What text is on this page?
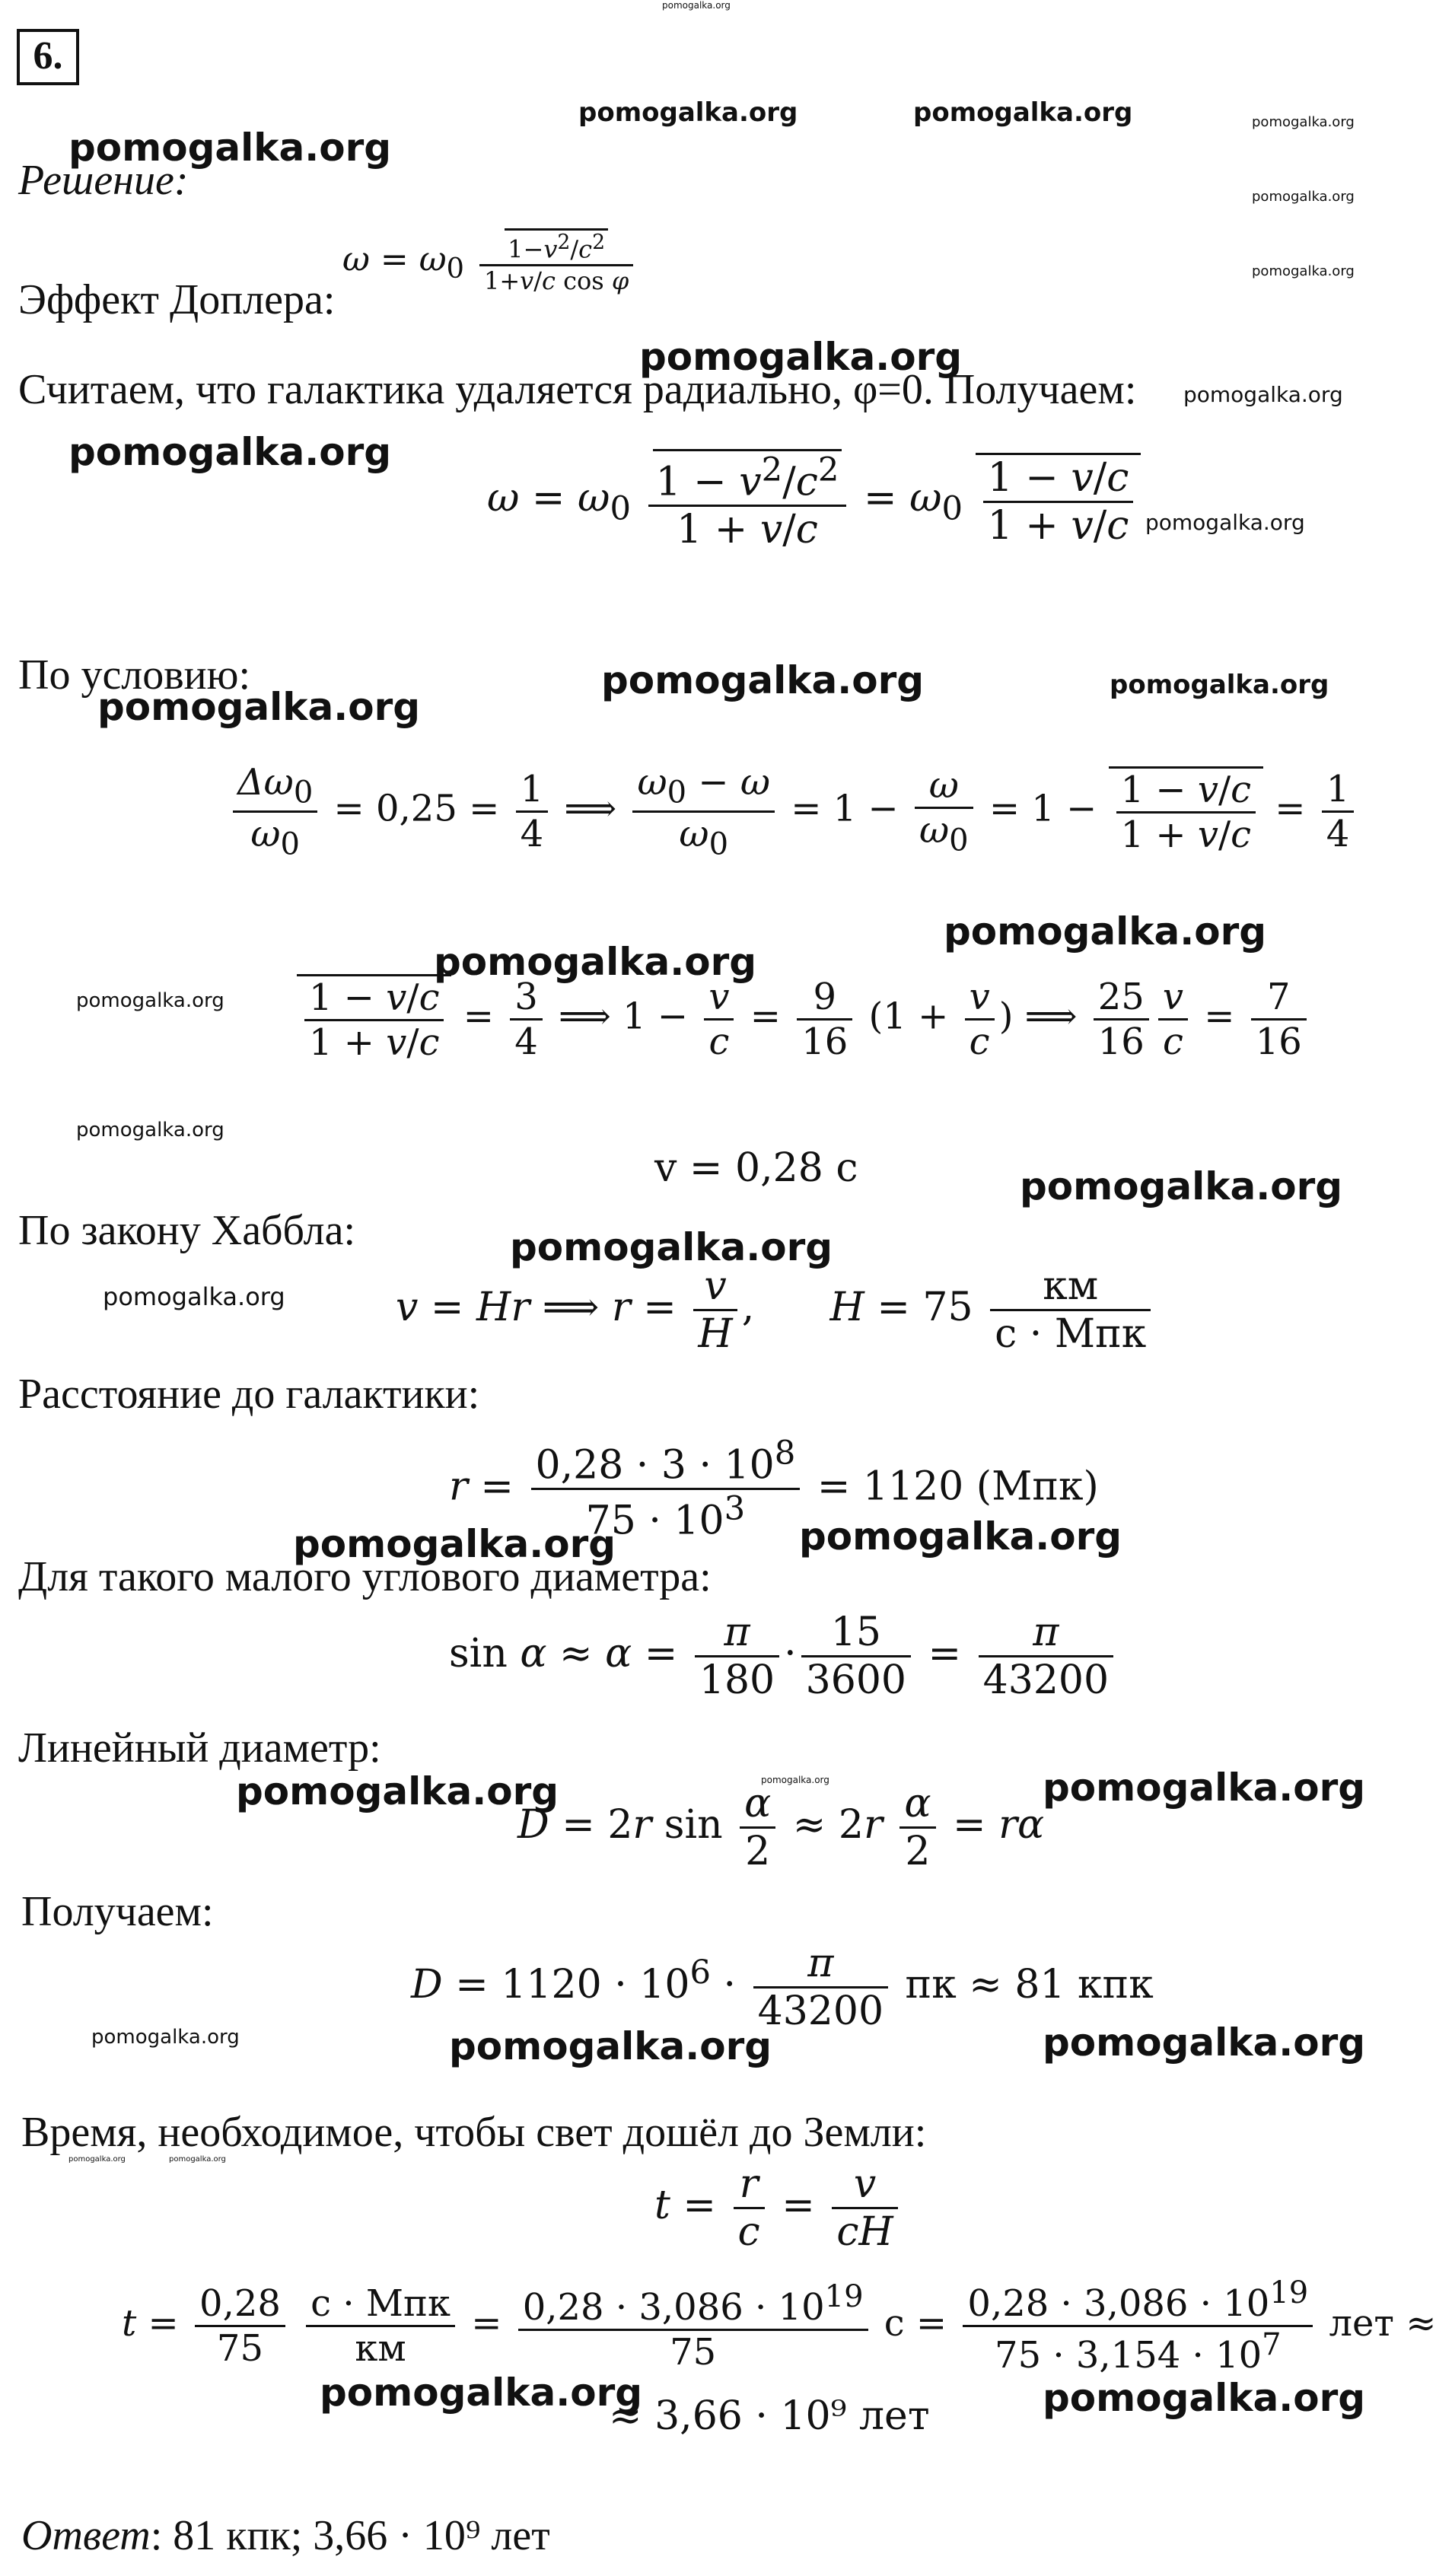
6.
pomogalka.org
pomogalka.org	pomogalka.org	pomogalka.org
pomogalka.org
pomogalka.org
pomogalka.org
pomogalka.org
pomogalka.org
pomogalka.org
pomogalka.org
pomogalka.org	pomogalka.org
pomogalka.org
pomogalka.org
pomogalka.org
pomogalka.org
pomogalka.org
pomogalka.org
pomogalka.org
pomogalka.org
pomogalka.org	pomogalka.org
pomogalka.org	pomogalka.org	pomogalka.org
pomogalka.org	pomogalka.org	pomogalka.org
pomogalka.org	pomogalka.org
pomogalka.org	pomogalka.org
Решение:
Эффект Доплера:
$\omega = \omega_0 \frac{1-v^2/c^2}{\text{1+v/c cos φ}}$
Считаем, что галактика удаляется радиально, φ=0. Получаем:
$\omega = \omega_0 \frac{1 - v^2/c^2}{1 + v/c} = \omega_0 \frac{1 - v/c}{1 + v/c}$
По условию:
$\frac{\Delta\omega_0}{\omega_0} = 0,25 = \frac{1}{4}$ ⟹ $\frac{\omega_0 - \omega}{\omega_0} = 1 - \frac{\omega}{\omega_0} = 1 - \frac{1 - v/c}{1 + v/c} = \frac{1}{4}$
$\frac{1 - v/c}{1 + v/c} = \frac{3}{4}$ ⟹ $1 - \frac{v}{c} = \frac{9}{16} (1 + \frac{v}{c}$ ) ⟹ $\frac{25}{16} \frac{v}{c} = \frac{7}{16}$
v = 0,28 c
По закону Хаббла:
v = Hr ⟹ $r = \frac{v}{H}$ ,      $H = 75 \frac{км}{\text{с · Мпк}}$
Расстояние до галактики:
$r = \frac{0,28 \cdot 3 \cdot 10^8}{75 \cdot 10^3} = 1120$ (Мпк)
Для такого малого углового диаметра:
$\sin \alpha \approx \alpha = \frac{\pi}{180} \cdot \frac{15}{3600} = \frac{\pi}{43200}$
Линейный диаметр:
D = 2r $\sin \frac{\alpha}{2} \approx 2r \frac{\alpha}{2} = r\alpha$
Получаем:
$D = 1120 \cdot 10^6 \cdot \frac{\pi}{43200}$ пк ≈ 81 кпк
Время, необходимое, чтобы свет дошёл до Земли:
$t = \frac{r}{c} = \frac{v}{cH}$
$t = \frac{0,28}{75}$
$\frac{\text{с · Мпк}}{км} = \frac{0,28 \cdot 3,086 \cdot 10^{19}}{75}$ $с = \frac{0,28 \cdot 3,086 \cdot 10^{19}}{75 \cdot 3,154 \cdot 10^7}$ лет ≈
≈ 3,66 · 10⁹ лет
Ответ: 81 кпк; 3,66 · 10⁹ лет
